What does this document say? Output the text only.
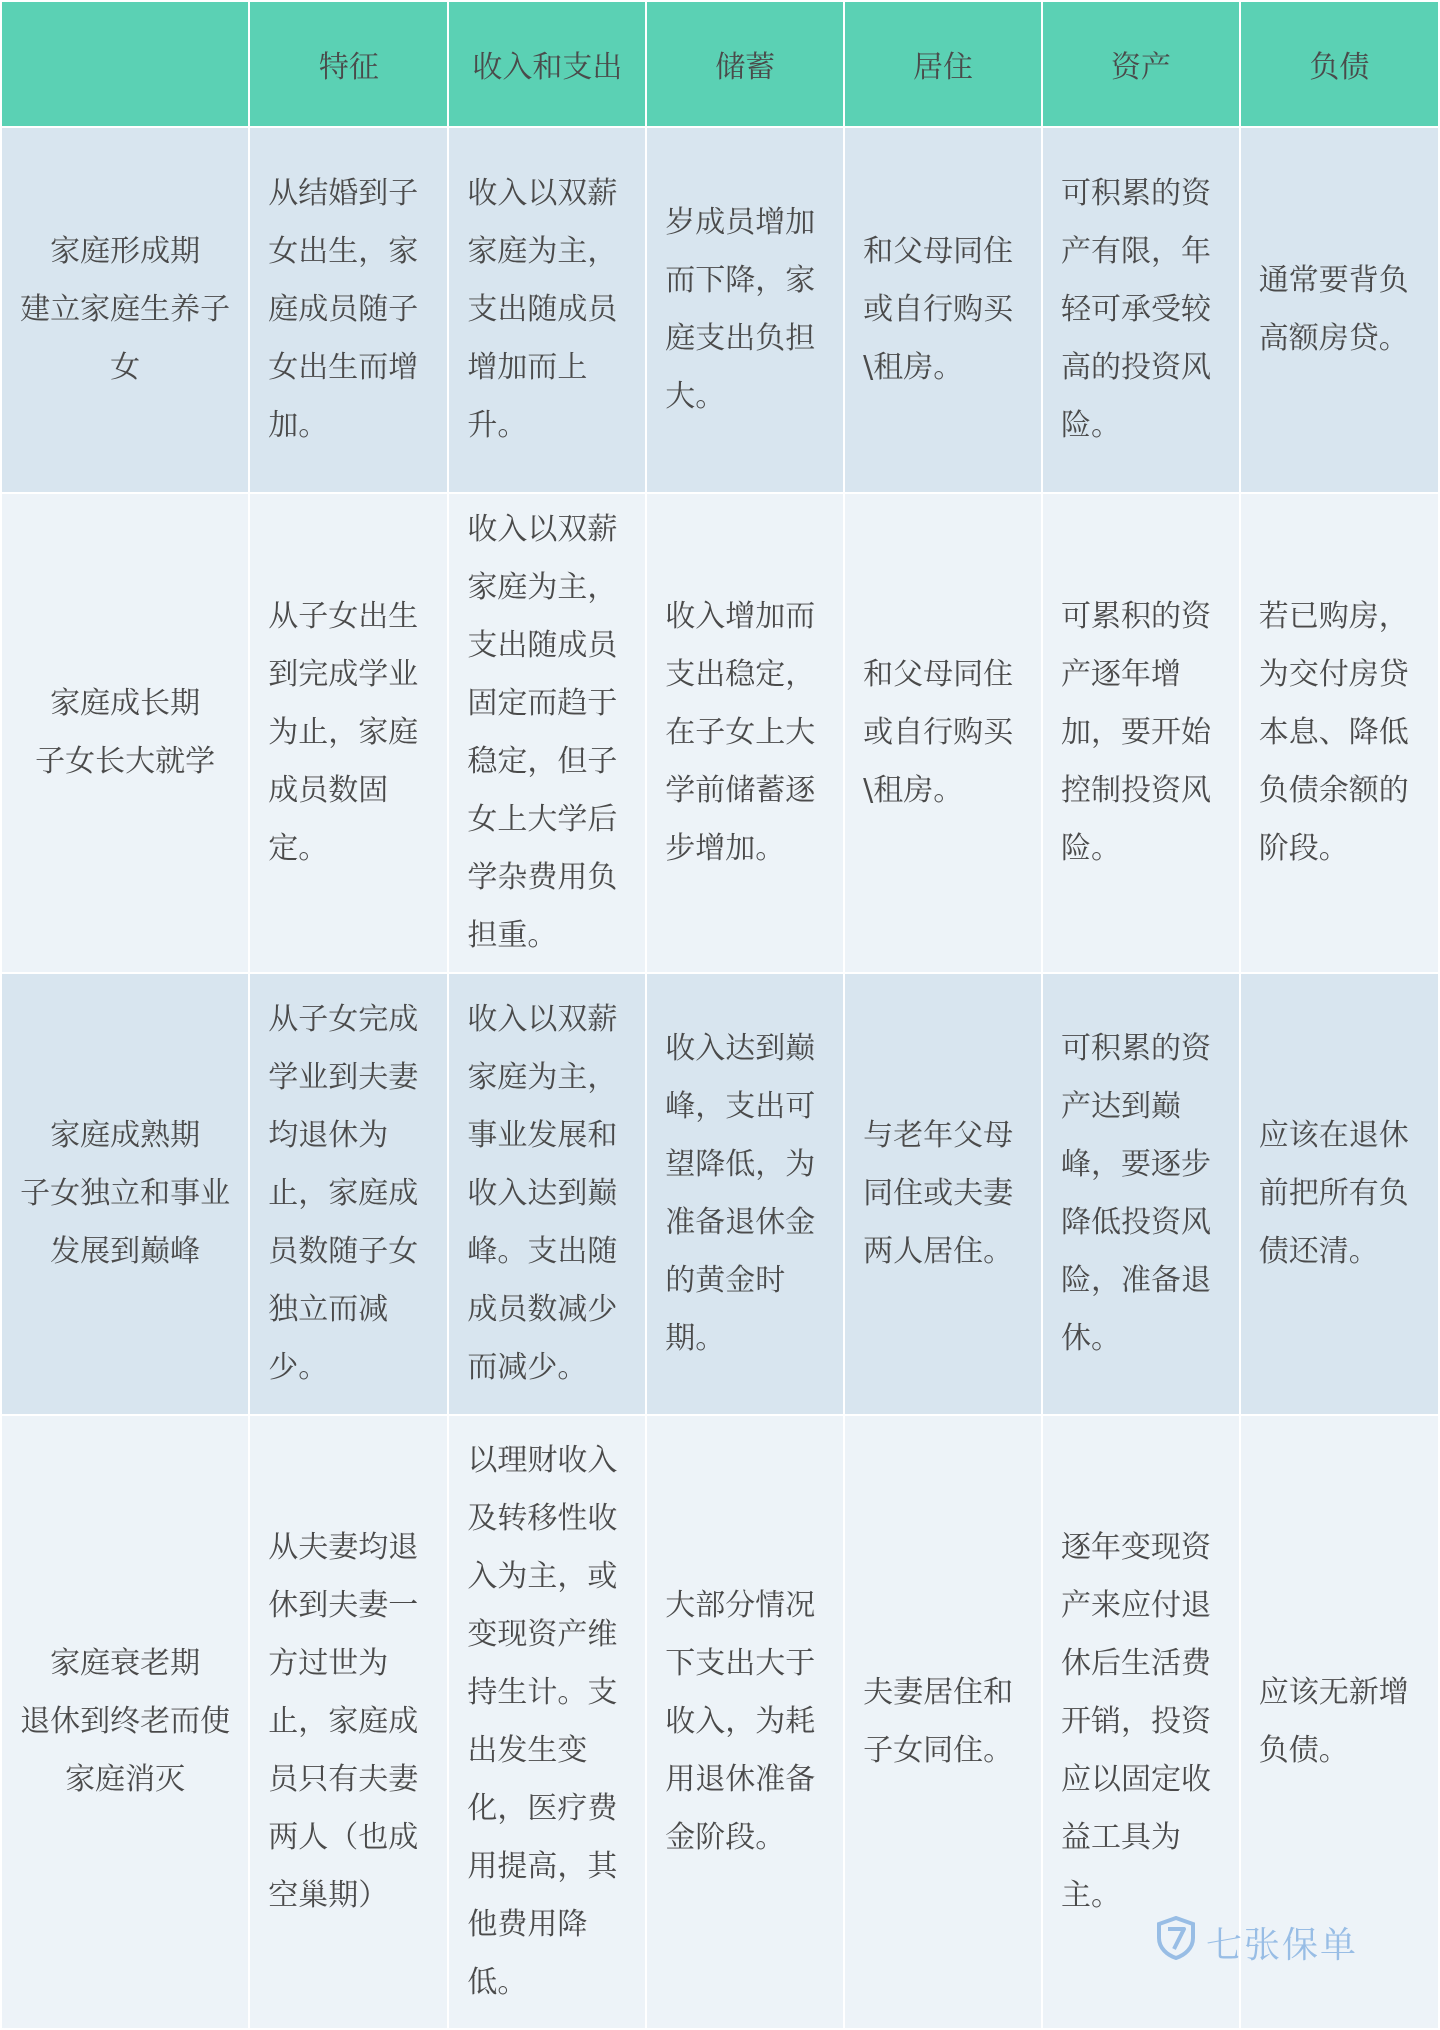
	特征	收入和支出	储蓄	居住	资产	负债

家庭形成期
建立家庭生养子女	从结婚到子女出生，家庭成员随子女出生而增加。	收入以双薪家庭为主，支出随成员增加而上升。	岁成员增加而下降，家庭支出负担大。	和父母同住或自行购买\租房。	可积累的资产有限，年轻可承受较高的投资风险。	通常要背负高额房贷。

家庭成长期
子女长大就学	从子女出生到完成学业为止，家庭成员数固定。	收入以双薪家庭为主，支出随成员固定而趋于稳定，但子女上大学后学杂费用负担重。	收入增加而支出稳定，在子女上大学前储蓄逐步增加。	和父母同住或自行购买\租房。	可累积的资产逐年增加，要开始控制投资风险。	若已购房，为交付房贷本息、降低负债余额的阶段。

家庭成熟期
子女独立和事业发展到巅峰	从子女完成学业到夫妻均退休为止，家庭成员数随子女独立而减少。	收入以双薪家庭为主，事业发展和收入达到巅峰。支出随成员数减少而减少。	收入达到巅峰，支出可望降低，为准备退休金的黄金时期。	与老年父母同住或夫妻两人居住。	可积累的资产达到巅峰，要逐步降低投资风险，准备退休。	应该在退休前把所有负债还清。

家庭衰老期
退休到终老而使家庭消灭	从夫妻均退休到夫妻一方过世为止，家庭成员只有夫妻两人（也成空巢期）	以理财收入及转移性收入为主，或变现资产维持生计。支出发生变化，医疗费用提高，其他费用降低。	大部分情况下支出大于收入，为耗用退休准备金阶段。	夫妻居住和子女同住。	逐年变现资产来应付退休后生活费开销，投资应以固定收益工具为主。	应该无新增负债。
七张保单
